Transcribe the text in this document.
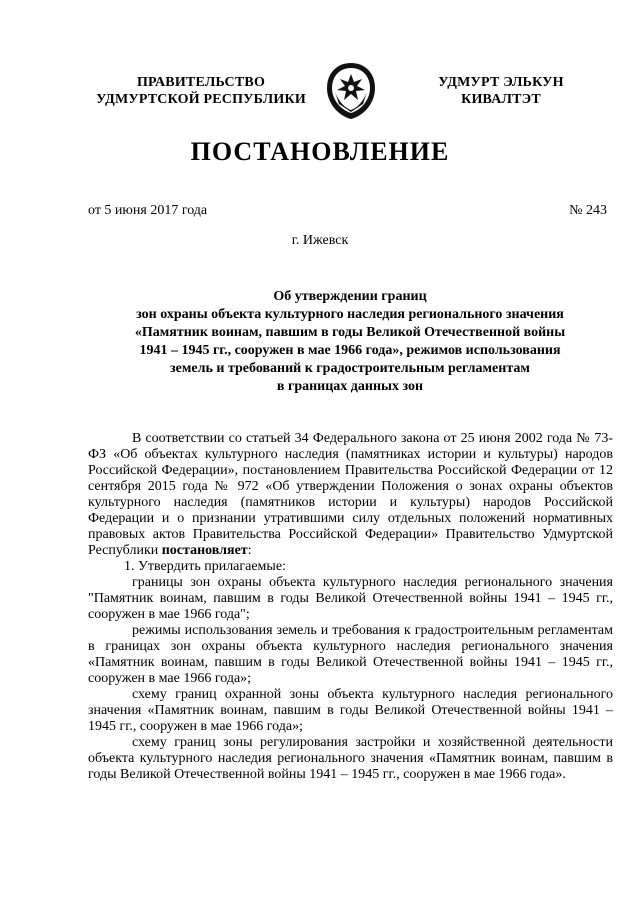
ПРАВИТЕЛЬСТВО
УДМУРТСКОЙ РЕСПУБЛИКИ
УДМУРТ ЭЛЬКУН
КИВАЛТЭТ
ПОСТАНОВЛЕНИЕ
от 5 июня 2017 года	№ 243
г. Ижевск
Об утверждении границ
зон охраны объекта культурного наследия регионального значения
«Памятник воинам, павшим в годы Великой Отечественной войны
1941 – 1945 гг., сооружен в мае 1966 года», режимов использования
земель и требований к градостроительным регламентам
в границах данных зон

В соответствии со статьей 34 Федерального закона от 25 июня 2002 года № 73-ФЗ «Об объектах культурного наследия (памятниках истории и культуры) народов Российской Федерации», постановлением Правительства Российской Федерации от 12 сентября 2015 года № 972 «Об утверждении Положения о зонах охраны объектов культурного наследия (памятников истории и культуры) народов Российской Федерации и о признании утратившими силу отдельных положений нормативных правовых актов Правительства Российской Федерации» Правительство Удмуртской Республики постановляет:

1. Утвердить прилагаемые:

границы зон охраны объекта культурного наследия регионального значения "Памятник воинам, павшим в годы Великой Отечественной войны 1941 – 1945 гг., сооружен в мае 1966 года";

режимы использования земель и требования к градостроительным регламентам в границах зон охраны объекта культурного наследия регионального значения «Памятник воинам, павшим в годы Великой Отечественной войны 1941 – 1945 гг., сооружен в мае 1966 года»;

схему границ охранной зоны объекта культурного наследия регионального значения «Памятник воинам, павшим в годы Великой Отечественной войны 1941 – 1945 гг., сооружен в мае 1966 года»;

схему границ зоны регулирования застройки и хозяйственной деятельности объекта культурного наследия регионального значения «Памятник воинам, павшим в годы Великой Отечественной войны 1941 – 1945 гг., сооружен в мае 1966 года».
